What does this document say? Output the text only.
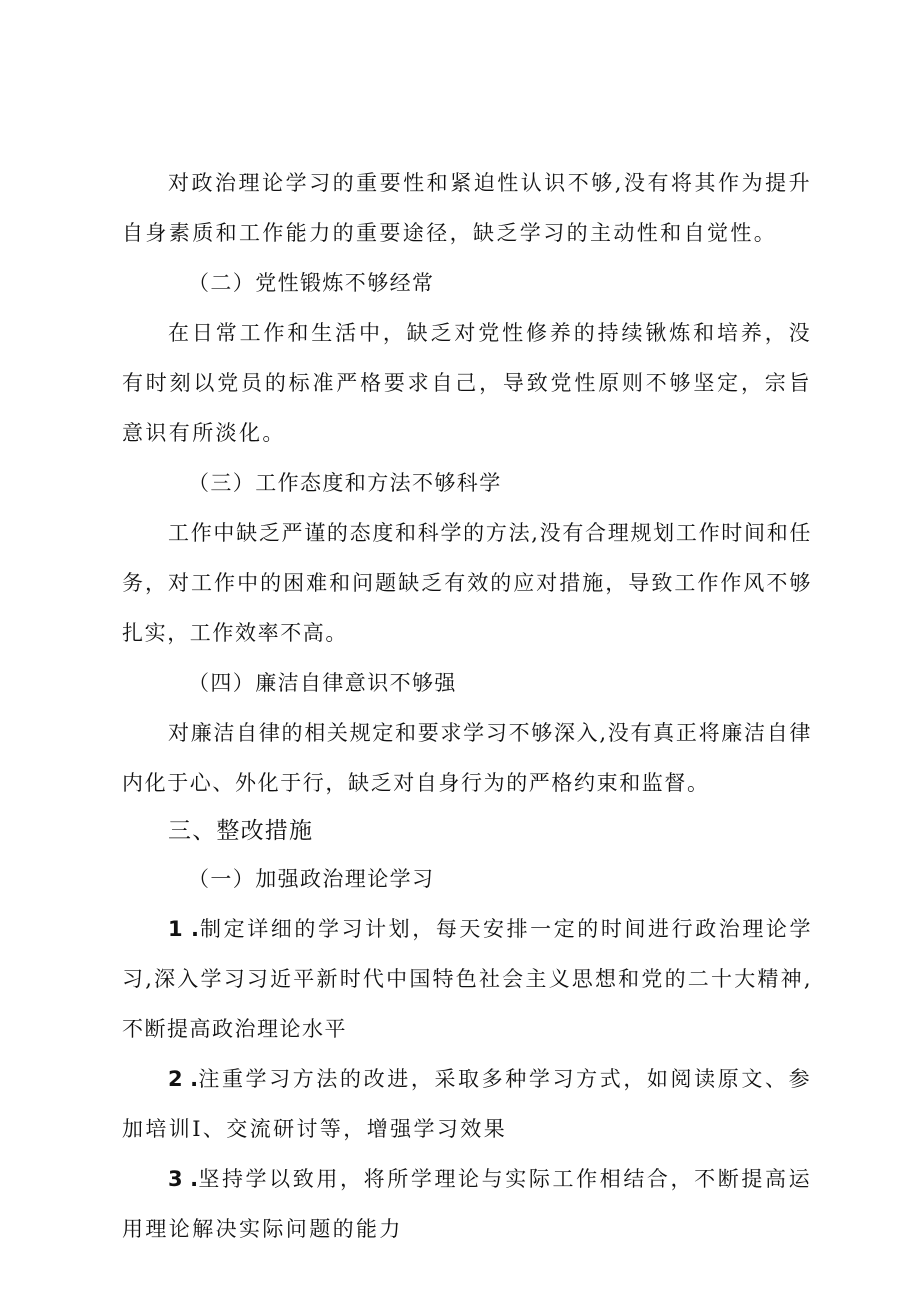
对政治理论学习的重要性和紧迫性认识不够,没有将其作为提升自身素质和工作能力的重要途径，缺乏学习的主动性和自觉性。

（二）党性锻炼不够经常

在日常工作和生活中，缺乏对党性修养的持续锹炼和培养，没有时刻以党员的标准严格要求自己，导致党性原则不够坚定，宗旨意识有所淡化。

（三）工作态度和方法不够科学

工作中缺乏严谨的态度和科学的方法,没有合理规划工作时间和任务，对工作中的困难和问题缺乏有效的应对措施，导致工作作风不够扎实，工作效率不高。

（四）廉洁自律意识不够强

对廉洁自律的相关规定和要求学习不够深入,没有真正将廉洁自律内化于心、外化于行，缺乏对自身行为的严格约束和监督。

三、整改措施

（一）加强政治理论学习

1 .制定详细的学习计划，每天安排一定的时间进行政治理论学习,深入学习习近平新时代中国特色社会主义思想和党的二十大精神,不断提高政治理论水平

2 .注重学习方法的改进，采取多种学习方式，如阅读原文、参加培训I、交流研讨等，增强学习效果

3 .坚持学以致用，将所学理论与实际工作相结合，不断提高运用理论解决实际问题的能力
